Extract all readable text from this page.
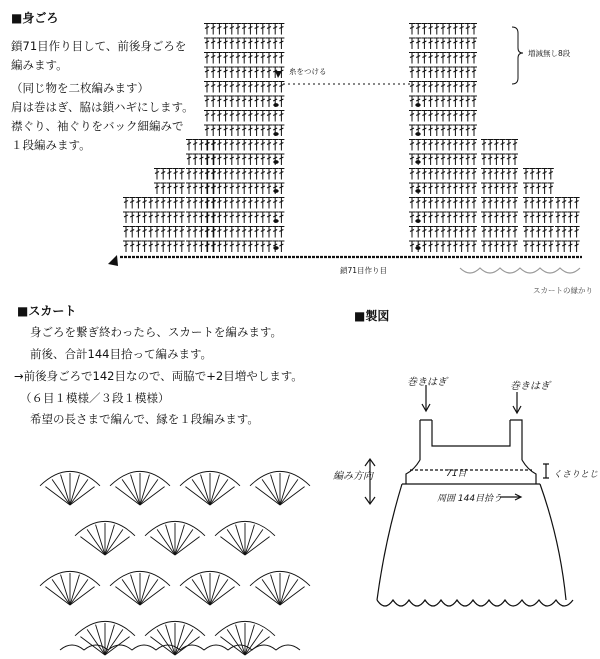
■身ごろ
鎖71目作り目して、前後身ごろを
編みます。
（同じ物を二枚編みます）
肩は巻はぎ、脇は鎖ハギにします。
襟ぐり、袖ぐりをバック細編みで
１段編みます。
■スカート
身ごろを繋ぎ終わったら、スカートを編みます。
前後、合計144目拾って編みます。
→前後身ごろで142目なので、両脇で+2目増やします。
（６目１模様／３段１模様）
希望の長さまで編んで、縁を１段編みます。
■製図
糸をつける
増減無し8段
鎖71目作り目
スカートの縁かり
巻きはぎ	巻きはぎ
編み方向	71目	くさりとじ
周囲 144目拾う
